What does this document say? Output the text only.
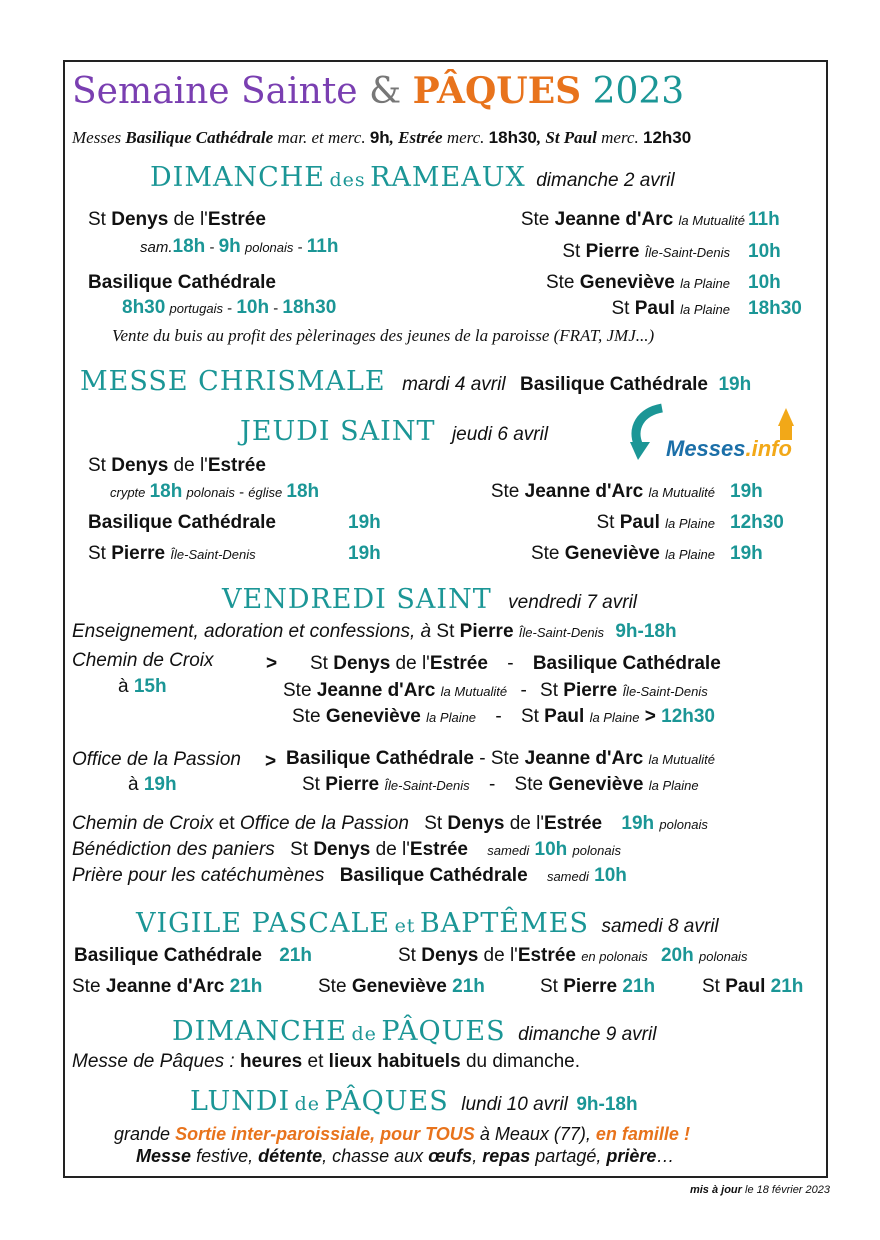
Semaine Sainte & PÂQUES 2023
Messes Basilique Cathédrale mar. et merc. 9h, Estrée merc. 18h30, St Paul merc. 12h30
DIMANCHE des RAMEAUX dimanche 2 avril
St Denys de l'Estrée
sam.18h - 9h polonais - 11h
Basilique Cathédrale
8h30 portugais - 10h - 18h30
Ste Jeanne d'Arc la Mutualité 11h
St Pierre Île-Saint-Denis 10h
Ste Geneviève la Plaine 10h
St Paul la Plaine 18h30
Vente du buis au profit des pèlerinages des jeunes de la paroisse (FRAT, JMJ...)
MESSE CHRISMALE mardi 4 avril Basilique Cathédrale 19h
JEUDI SAINT jeudi 6 avril
Messes.info
St Denys de l'Estrée
crypte 18h polonais - église 18h
Basilique Cathédrale	19h
St Pierre Île-Saint-Denis	19h
Ste Jeanne d'Arc la Mutualité 19h
St Paul la Plaine 12h30
Ste Geneviève la Plaine 19h
VENDREDI SAINT vendredi 7 avril
Enseignement, adoration et confessions, à St Pierre Île-Saint-Denis 9h-18h
Chemin de Croix
à 15h
> St Denys de l'Estrée - Basilique Cathédrale
Ste Jeanne d'Arc la Mutualité - St Pierre Île-Saint-Denis
Ste Geneviève la Plaine - St Paul la Plaine > 12h30
Office de la Passion
à 19h
> Basilique Cathédrale - Ste Jeanne d'Arc la Mutualité
St Pierre Île-Saint-Denis - Ste Geneviève la Plaine
Chemin de Croix et Office de la Passion St Denys de l'Estrée 19h polonais
Bénédiction des paniers St Denys de l'Estrée samedi 10h polonais
Prière pour les catéchumènes Basilique Cathédrale samedi 10h
VIGILE PASCALE et BAPTÊMES samedi 8 avril
Basilique Cathédrale 21h	St Denys de l'Estrée en polonais 20h polonais
Ste Jeanne d'Arc 21h	Ste Geneviève 21h	St Pierre 21h St Paul 21h
DIMANCHE de PÂQUES dimanche 9 avril
Messe de Pâques : heures et lieux habituels du dimanche.
LUNDI de PÂQUES lundi 10 avril 9h-18h
grande Sortie inter-paroissiale, pour TOUS à Meaux (77), en famille !
Messe festive, détente, chasse aux œufs, repas partagé, prière…
mis à jour le 18 février 2023
